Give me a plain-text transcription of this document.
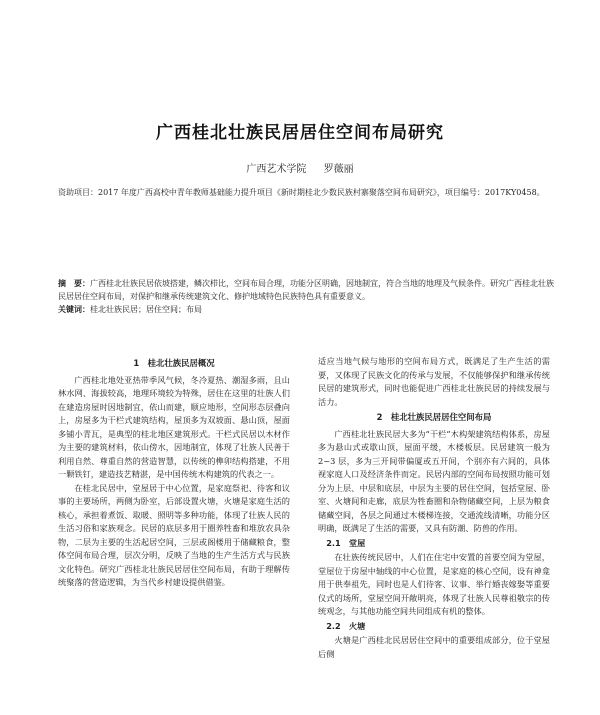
广西桂北壮族民居居住空间布局研究
广西艺术学院 罗薇丽
资助项目：2017 年度广西高校中青年教师基础能力提升项目《新时期桂北少数民族村寨聚落空间布局研究》，项目编号：2017KY0458。
摘　要：广西桂北壮族民居依坡搭建，鳞次栉比，空间布局合理，功能分区明确，因地制宜，符合当地的地理及气候条件。研究广西桂北壮族民居居住空间布局，对保护和继承传统建筑文化、修护地域特色民族特色具有重要意义。
关键词：桂北壮族民居；居住空间；布局
1　桂北壮族民居概况

广西桂北地处亚热带季风气候，冬冷夏热、潮湿多雨，且山林水网、海拔较高，地理环境较为特殊，居住在这里的壮族人们在建造房屋时因地制宜，依山而建，顺应地形，空间形态层叠向上，房屋多为干栏式建筑结构，屋顶多为双坡面、悬山顶，屋面多铺小青瓦，是典型的桂北地区建筑形式。干栏式民居以木材作为主要的建筑材料，依山傍水，因地制宜，体现了壮族人民善于利用自然、尊重自然的营造智慧，以传统的榫卯结构搭建，不用一颗铁钉，建造技艺精湛，是中国传统木构建筑的代表之一。

在桂北民居中，堂屋居于中心位置，是家庭祭祀、待客和议事的主要场所，两侧为卧室，后部设置火塘，火塘是家庭生活的核心，承担着煮饭、取暖、照明等多种功能，体现了壮族人民的生活习俗和家族观念。民居的底层多用于圈养牲畜和堆放农具杂物，二层为主要的生活起居空间，三层或阁楼用于储藏粮食，整体空间布局合理，层次分明，反映了当地的生产生活方式与民族文化特色。研究广西桂北壮族民居居住空间布局，有助于理解传统聚落的营造逻辑，为当代乡村建设提供借鉴。

适应当地气候与地形的空间布局方式，既满足了生产生活的需要，又体现了民族文化的传承与发展，不仅能够保护和继承传统民居的建筑形式，同时也能促进广西桂北壮族民居的持续发展与活力。

2　桂北壮族民居居住空间布局

广西桂北壮族民居大多为“干栏”木构架建筑结构体系，房屋多为悬山式或歇山顶，屋面平缓，木楼板层。民居建筑一般为 2~3 层，多为三开间带偏厦或五开间，个别亦有六间的，具体视家庭人口及经济条件而定。民居内部的空间布局按照功能可划分为上层、中层和底层，中层为主要的居住空间，包括堂屋、卧室、火塘间和走廊，底层为牲畜圈和杂物储藏空间，上层为粮食储藏空间，各层之间通过木楼梯连接，交通流线清晰，功能分区明确，既满足了生活的需要，又具有防潮、防兽的作用。

2.1　堂屋

在壮族传统民居中，人们在住宅中安置的首要空间为堂屋，堂屋位于房屋中轴线的中心位置，是家庭的核心空间，设有神龛用于供奉祖先，同时也是人们待客、议事、举行婚丧嫁娶等重要仪式的场所，堂屋空间开敞明亮，体现了壮族人民尊祖敬宗的传统观念，与其他功能空间共同组成有机的整体。

2.2　火塘

火塘是广西桂北民居居住空间中的重要组成部分，位于堂屋后侧
